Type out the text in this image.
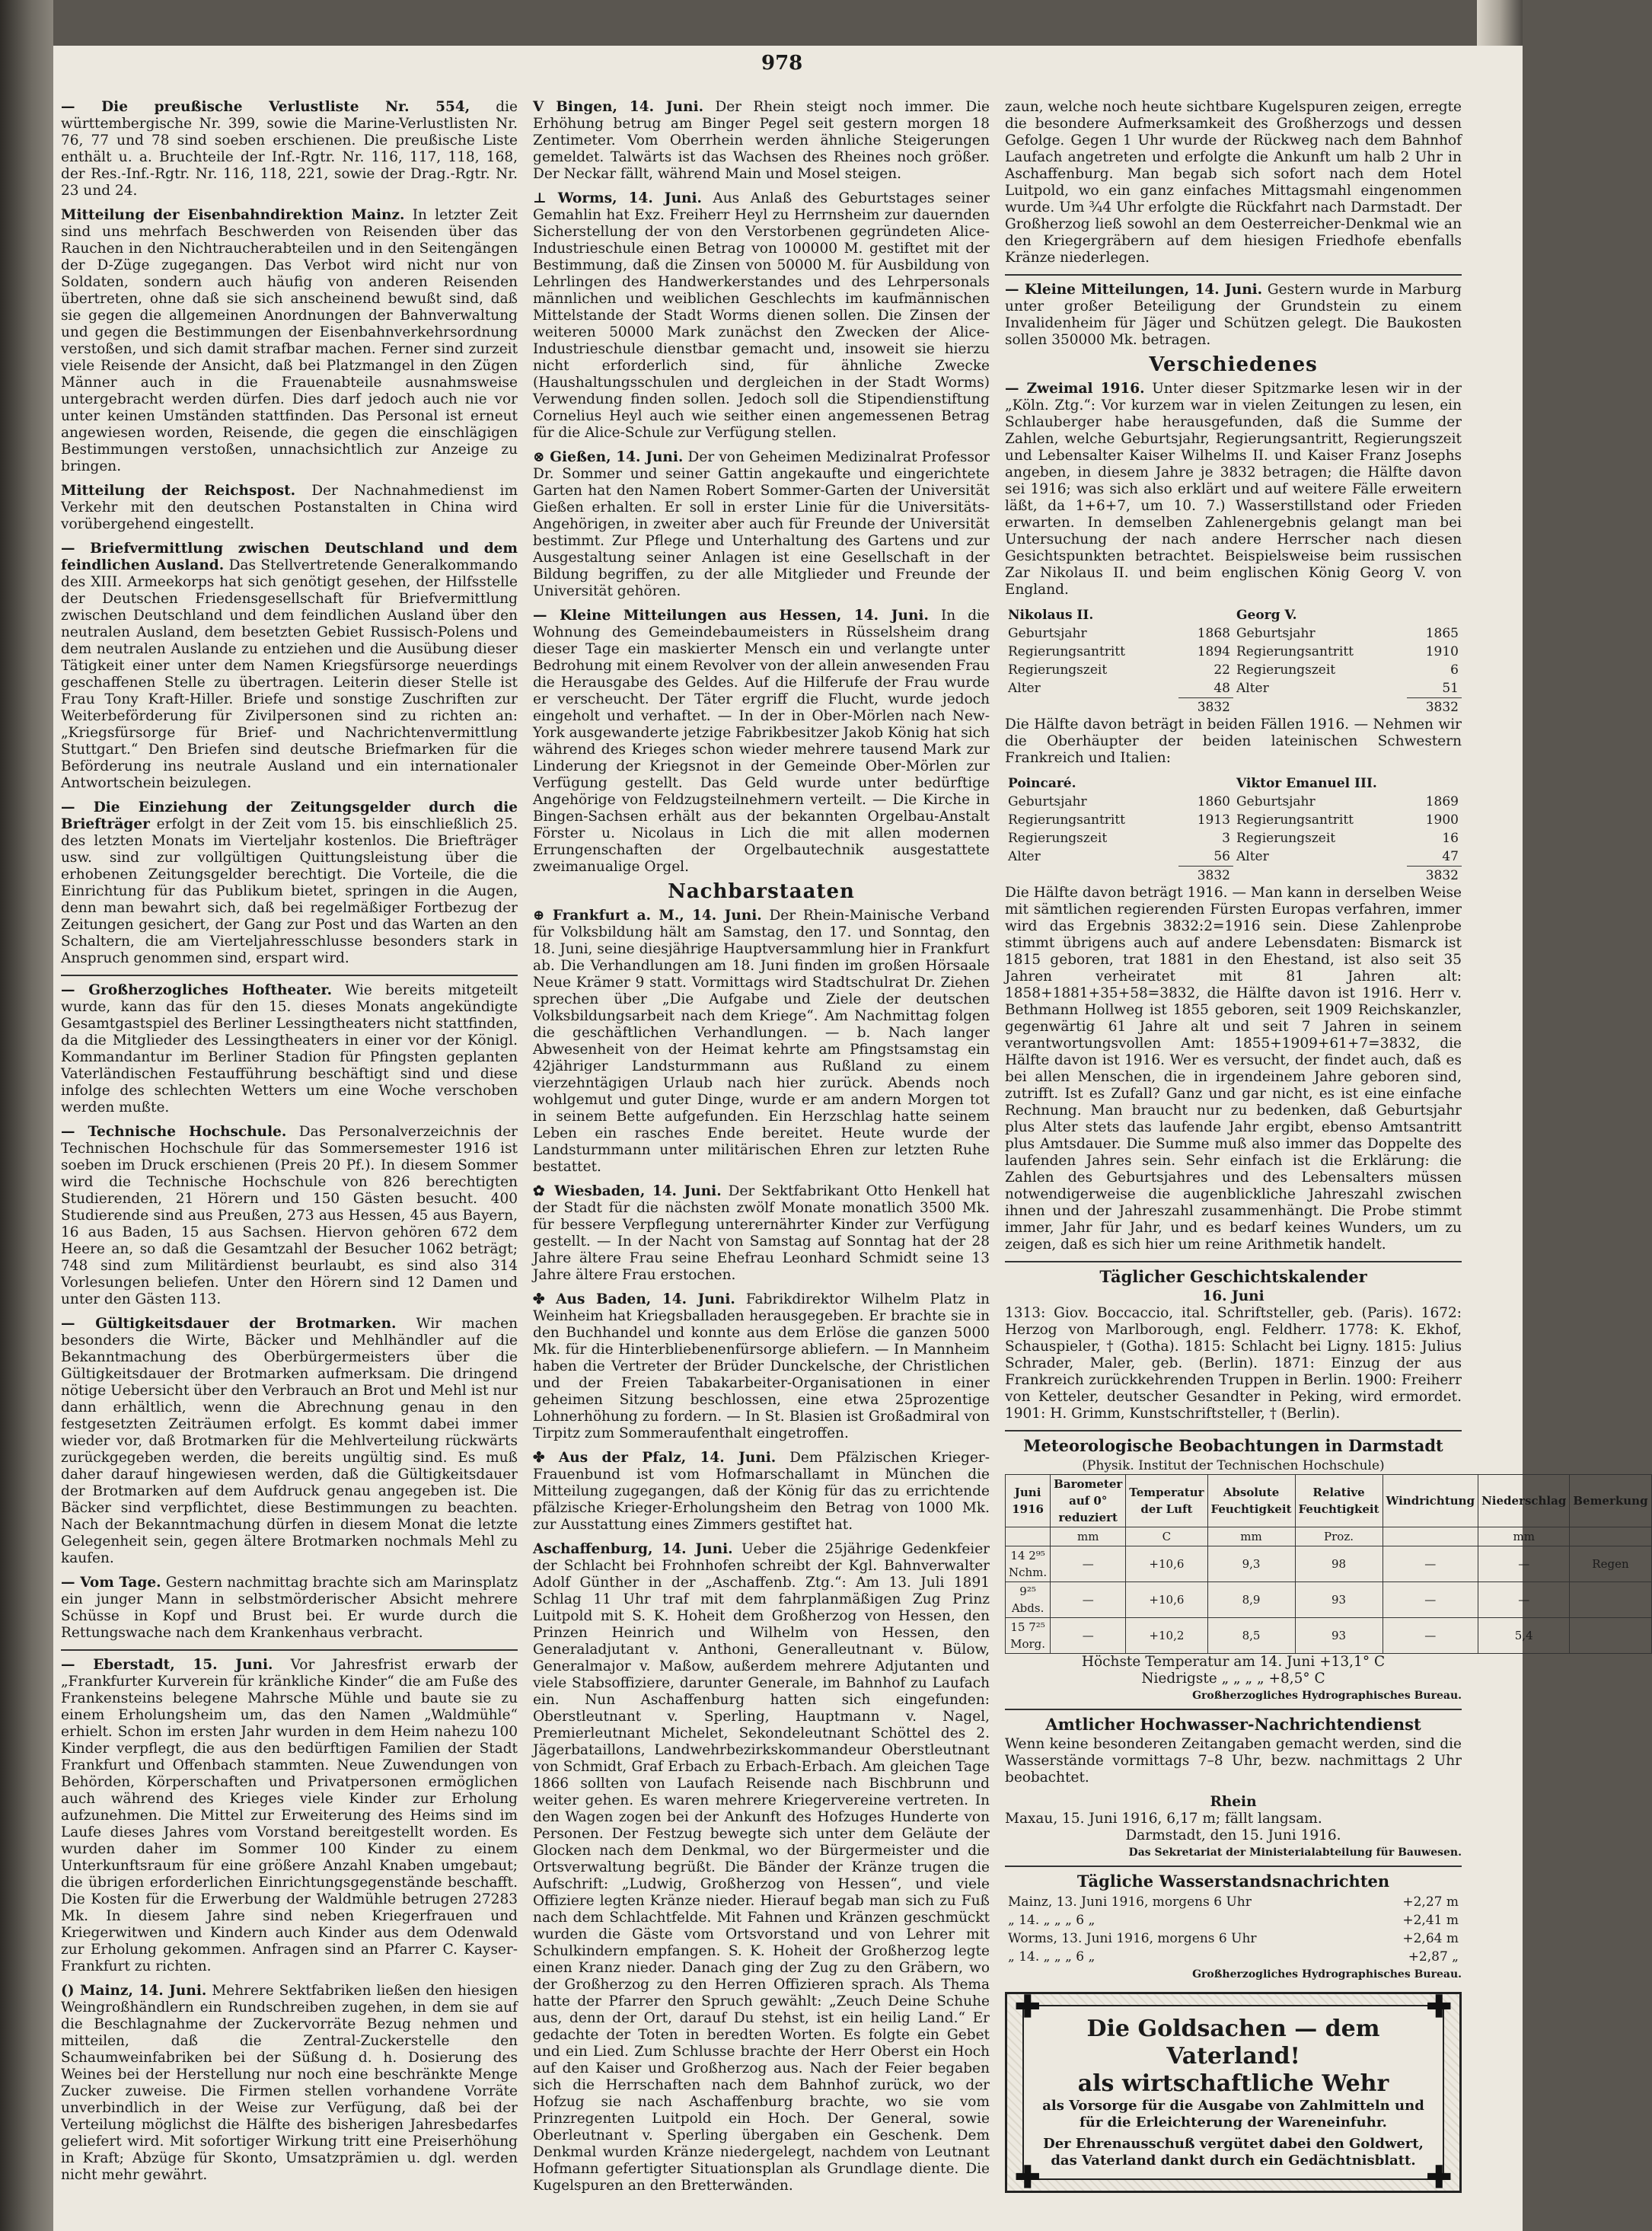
978

— Die preußische Verlustliste Nr. 554, die württembergische Nr. 399, sowie die Marine-Verlustlisten Nr. 76, 77 und 78 sind soeben erschienen. Die preußische Liste enthält u. a. Bruchteile der Inf.-Rgtr. Nr. 116, 117, 118, 168, der Res.-Inf.-Rgtr. Nr. 116, 118, 221, sowie der Drag.-Rgtr. Nr. 23 und 24.

Mitteilung der Eisenbahndirektion Mainz. In letzter Zeit sind uns mehrfach Beschwerden von Reisenden über das Rauchen in den Nichtraucherabteilen und in den Seitengängen der D-Züge zugegangen. Das Verbot wird nicht nur von Soldaten, sondern auch häufig von anderen Reisenden übertreten, ohne daß sie sich anscheinend bewußt sind, daß sie gegen die allgemeinen Anordnungen der Bahnverwaltung und gegen die Bestimmungen der Eisenbahnverkehrsordnung verstoßen, und sich damit strafbar machen. Ferner sind zurzeit viele Reisende der Ansicht, daß bei Platzmangel in den Zügen Männer auch in die Frauenabteile ausnahmsweise untergebracht werden dürfen. Dies darf jedoch auch nie vor unter keinen Umständen stattfinden. Das Personal ist erneut angewiesen worden, Reisende, die gegen die einschlägigen Bestimmungen verstoßen, unnachsichtlich zur Anzeige zu bringen.

Mitteilung der Reichspost. Der Nachnahmedienst im Verkehr mit den deutschen Postanstalten in China wird vorübergehend eingestellt.

— Briefvermittlung zwischen Deutschland und dem feindlichen Ausland. Das Stellvertretende Generalkommando des XIII. Armeekorps hat sich genötigt gesehen, der Hilfsstelle der Deutschen Friedensgesellschaft für Briefvermittlung zwischen Deutschland und dem feindlichen Ausland über den neutralen Ausland, dem besetzten Gebiet Russisch-Polens und dem neutralen Auslande zu entziehen und die Ausübung dieser Tätigkeit einer unter dem Namen Kriegsfürsorge neuerdings geschaffenen Stelle zu übertragen. Leiterin dieser Stelle ist Frau Tony Kraft-Hiller. Briefe und sonstige Zuschriften zur Weiterbeförderung für Zivilpersonen sind zu richten an: „Kriegsfürsorge für Brief- und Nachrichtenvermittlung Stuttgart.“ Den Briefen sind deutsche Briefmarken für die Beförderung ins neutrale Ausland und ein internationaler Antwortschein beizulegen.

— Die Einziehung der Zeitungsgelder durch die Briefträger erfolgt in der Zeit vom 15. bis einschließlich 25. des letzten Monats im Vierteljahr kostenlos. Die Briefträger usw. sind zur vollgültigen Quittungsleistung über die erhobenen Zeitungsgelder berechtigt. Die Vorteile, die die Einrichtung für das Publikum bietet, springen in die Augen, denn man bewahrt sich, daß bei regelmäßiger Fortbezug der Zeitungen gesichert, der Gang zur Post und das Warten an den Schaltern, die am Vierteljahresschlusse besonders stark in Anspruch genommen sind, erspart wird.

— Großherzogliches Hoftheater. Wie bereits mitgeteilt wurde, kann das für den 15. dieses Monats angekündigte Gesamtgastspiel des Berliner Lessingtheaters nicht stattfinden, da die Mitglieder des Lessingtheaters in einer vor der Königl. Kommandantur im Berliner Stadion für Pfingsten geplanten Vaterländischen Festaufführung beschäftigt sind und diese infolge des schlechten Wetters um eine Woche verschoben werden mußte.

— Technische Hochschule. Das Personalverzeichnis der Technischen Hochschule für das Sommersemester 1916 ist soeben im Druck erschienen (Preis 20 Pf.). In diesem Sommer wird die Technische Hochschule von 826 berechtigten Studierenden, 21 Hörern und 150 Gästen besucht. 400 Studierende sind aus Preußen, 273 aus Hessen, 45 aus Bayern, 16 aus Baden, 15 aus Sachsen. Hiervon gehören 672 dem Heere an, so daß die Gesamtzahl der Besucher 1062 beträgt; 748 sind zum Militärdienst beurlaubt, es sind also 314 Vorlesungen beliefen. Unter den Hörern sind 12 Damen und unter den Gästen 113.

— Gültigkeitsdauer der Brotmarken. Wir machen besonders die Wirte, Bäcker und Mehlhändler auf die Bekanntmachung des Oberbürgermeisters über die Gültigkeitsdauer der Brotmarken aufmerksam. Die dringend nötige Uebersicht über den Verbrauch an Brot und Mehl ist nur dann erhältlich, wenn die Abrechnung genau in den festgesetzten Zeiträumen erfolgt. Es kommt dabei immer wieder vor, daß Brotmarken für die Mehlverteilung rückwärts zurückgegeben werden, die bereits ungültig sind. Es muß daher darauf hingewiesen werden, daß die Gültigkeitsdauer der Brotmarken auf dem Aufdruck genau angegeben ist. Die Bäcker sind verpflichtet, diese Bestimmungen zu beachten. Nach der Bekanntmachung dürfen in diesem Monat die letzte Gelegenheit sein, gegen ältere Brotmarken nochmals Mehl zu kaufen.

— Vom Tage. Gestern nachmittag brachte sich am Marinsplatz ein junger Mann in selbstmörderischer Absicht mehrere Schüsse in Kopf und Brust bei. Er wurde durch die Rettungswache nach dem Krankenhaus verbracht.

— Eberstadt, 15. Juni. Vor Jahresfrist erwarb der „Frankfurter Kurverein für kränkliche Kinder“ die am Fuße des Frankensteins belegene Mahrsche Mühle und baute sie zu einem Erholungsheim um, das den Namen „Waldmühle“ erhielt. Schon im ersten Jahr wurden in dem Heim nahezu 100 Kinder verpflegt, die aus den bedürftigen Familien der Stadt Frankfurt und Offenbach stammten. Neue Zuwendungen von Behörden, Körperschaften und Privatpersonen ermöglichen auch während des Krieges viele Kinder zur Erholung aufzunehmen. Die Mittel zur Erweiterung des Heims sind im Laufe dieses Jahres vom Vorstand bereitgestellt worden. Es wurden daher im Sommer 100 Kinder zu einem Unterkunftsraum für eine größere Anzahl Knaben umgebaut; die übrigen erforderlichen Einrichtungsgegenstände beschafft. Die Kosten für die Erwerbung der Waldmühle betrugen 27283 Mk. In diesem Jahre sind neben Kriegerfrauen und Kriegerwitwen und Kindern auch Kinder aus dem Odenwald zur Erholung gekommen. Anfragen sind an Pfarrer C. Kayser-Frankfurt zu richten.

() Mainz, 14. Juni. Mehrere Sektfabriken ließen den hiesigen Weingroßhändlern ein Rundschreiben zugehen, in dem sie auf die Beschlagnahme der Zuckervorräte Bezug nehmen und mitteilen, daß die Zentral-Zuckerstelle den Schaumweinfabriken bei der Süßung d. h. Dosierung des Weines bei der Herstellung nur noch eine beschränkte Menge Zucker zuweise. Die Firmen stellen vorhandene Vorräte unverbindlich in der Weise zur Verfügung, daß bei der Verteilung möglichst die Hälfte des bisherigen Jahresbedarfes geliefert wird. Mit sofortiger Wirkung tritt eine Preiserhöhung in Kraft; Abzüge für Skonto, Umsatzprämien u. dgl. werden nicht mehr gewährt.

V Bingen, 14. Juni. Der Rhein steigt noch immer. Die Erhöhung betrug am Binger Pegel seit gestern morgen 18 Zentimeter. Vom Oberrhein werden ähnliche Steigerungen gemeldet. Talwärts ist das Wachsen des Rheines noch größer. Der Neckar fällt, während Main und Mosel steigen.

⊥ Worms, 14. Juni. Aus Anlaß des Geburtstages seiner Gemahlin hat Exz. Freiherr Heyl zu Herrnsheim zur dauernden Sicherstellung der von den Verstorbenen gegründeten Alice-Industrieschule einen Betrag von 100000 M. gestiftet mit der Bestimmung, daß die Zinsen von 50000 M. für Ausbildung von Lehrlingen des Handwerkerstandes und des Lehrpersonals männlichen und weiblichen Geschlechts im kaufmännischen Mittelstande der Stadt Worms dienen sollen. Die Zinsen der weiteren 50000 Mark zunächst den Zwecken der Alice-Industrieschule dienstbar gemacht und, insoweit sie hierzu nicht erforderlich sind, für ähnliche Zwecke (Haushaltungsschulen und dergleichen in der Stadt Worms) Verwendung finden sollen. Jedoch soll die Stipendienstiftung Cornelius Heyl auch wie seither einen angemessenen Betrag für die Alice-Schule zur Verfügung stellen.

⊗ Gießen, 14. Juni. Der von Geheimen Medizinalrat Professor Dr. Sommer und seiner Gattin angekaufte und eingerichtete Garten hat den Namen Robert Sommer-Garten der Universität Gießen erhalten. Er soll in erster Linie für die Universitäts-Angehörigen, in zweiter aber auch für Freunde der Universität bestimmt. Zur Pflege und Unterhaltung des Gartens und zur Ausgestaltung seiner Anlagen ist eine Gesellschaft in der Bildung begriffen, zu der alle Mitglieder und Freunde der Universität gehören.

— Kleine Mitteilungen aus Hessen, 14. Juni. In die Wohnung des Gemeindebaumeisters in Rüsselsheim drang dieser Tage ein maskierter Mensch ein und verlangte unter Bedrohung mit einem Revolver von der allein anwesenden Frau die Herausgabe des Geldes. Auf die Hilferufe der Frau wurde er verscheucht. Der Täter ergriff die Flucht, wurde jedoch eingeholt und verhaftet. — In der in Ober-Mörlen nach New-York ausgewanderte jetzige Fabrikbesitzer Jakob König hat sich während des Krieges schon wieder mehrere tausend Mark zur Linderung der Kriegsnot in der Gemeinde Ober-Mörlen zur Verfügung gestellt. Das Geld wurde unter bedürftige Angehörige von Feldzugsteilnehmern verteilt. — Die Kirche in Bingen-Sachsen erhält aus der bekannten Orgelbau-Anstalt Förster u. Nicolaus in Lich die mit allen modernen Errungenschaften der Orgelbautechnik ausgestattete zweimanualige Orgel.

Nachbarstaaten

⊕ Frankfurt a. M., 14. Juni. Der Rhein-Mainische Verband für Volksbildung hält am Samstag, den 17. und Sonntag, den 18. Juni, seine diesjährige Hauptversammlung hier in Frankfurt ab. Die Verhandlungen am 18. Juni finden im großen Hörsaale Neue Krämer 9 statt. Vormittags wird Stadtschulrat Dr. Ziehen sprechen über „Die Aufgabe und Ziele der deutschen Volksbildungsarbeit nach dem Kriege“. Am Nachmittag folgen die geschäftlichen Verhandlungen. — b. Nach langer Abwesenheit von der Heimat kehrte am Pfingstsamstag ein 42jähriger Landsturmmann aus Rußland zu einem vierzehntägigen Urlaub nach hier zurück. Abends noch wohlgemut und guter Dinge, wurde er am andern Morgen tot in seinem Bette aufgefunden. Ein Herzschlag hatte seinem Leben ein rasches Ende bereitet. Heute wurde der Landsturmmann unter militärischen Ehren zur letzten Ruhe bestattet.

✿ Wiesbaden, 14. Juni. Der Sektfabrikant Otto Henkell hat der Stadt für die nächsten zwölf Monate monatlich 3500 Mk. für bessere Verpflegung unterernährter Kinder zur Verfügung gestellt. — In der Nacht von Samstag auf Sonntag hat der 28 Jahre ältere Frau seine Ehefrau Leonhard Schmidt seine 13 Jahre ältere Frau erstochen.

✤ Aus Baden, 14. Juni. Fabrikdirektor Wilhelm Platz in Weinheim hat Kriegsballaden herausgegeben. Er brachte sie in den Buchhandel und konnte aus dem Erlöse die ganzen 5000 Mk. für die Hinterbliebenenfürsorge abliefern. — In Mannheim haben die Vertreter der Brüder Dunckelsche, der Christlichen und der Freien Tabakarbeiter-Organisationen in einer geheimen Sitzung beschlossen, eine etwa 25prozentige Lohnerhöhung zu fordern. — In St. Blasien ist Großadmiral von Tirpitz zum Sommeraufenthalt eingetroffen.

✤ Aus der Pfalz, 14. Juni. Dem Pfälzischen Krieger-Frauenbund ist vom Hofmarschallamt in München die Mitteilung zugegangen, daß der König für das zu errichtende pfälzische Krieger-Erholungsheim den Betrag von 1000 Mk. zur Ausstattung eines Zimmers gestiftet hat.

Aschaffenburg, 14. Juni. Ueber die 25jährige Gedenkfeier der Schlacht bei Frohnhofen schreibt der Kgl. Bahnverwalter Adolf Günther in der „Aschaffenb. Ztg.“: Am 13. Juli 1891 Schlag 11 Uhr traf mit dem fahrplanmäßigen Zug Prinz Luitpold mit S. K. Hoheit dem Großherzog von Hessen, den Prinzen Heinrich und Wilhelm von Hessen, den Generaladjutant v. Anthoni, Generalleutnant v. Bülow, Generalmajor v. Maßow, außerdem mehrere Adjutanten und viele Stabsoffiziere, darunter Generale, im Bahnhof zu Laufach ein. Nun Aschaffenburg hatten sich eingefunden: Oberstleutnant v. Sperling, Hauptmann v. Nagel, Premierleutnant Michelet, Sekondeleutnant Schöttel des 2. Jägerbataillons, Landwehrbezirkskommandeur Oberstleutnant von Schmidt, Graf Erbach zu Erbach-Erbach. Am gleichen Tage 1866 sollten von Laufach Reisende nach Bischbrunn und weiter gehen. Es waren mehrere Kriegervereine vertreten. In den Wagen zogen bei der Ankunft des Hofzuges Hunderte von Personen. Der Festzug bewegte sich unter dem Geläute der Glocken nach dem Denkmal, wo der Bürgermeister und die Ortsverwaltung begrüßt. Die Bänder der Kränze trugen die Aufschrift: „Ludwig, Großherzog von Hessen“, und viele Offiziere legten Kränze nieder. Hierauf begab man sich zu Fuß nach dem Schlachtfelde. Mit Fahnen und Kränzen geschmückt wurden die Gäste vom Ortsvorstand und von Lehrer mit Schulkindern empfangen. S. K. Hoheit der Großherzog legte einen Kranz nieder. Danach ging der Zug zu den Gräbern, wo der Großherzog zu den Herren Offizieren sprach. Als Thema hatte der Pfarrer den Spruch gewählt: „Zeuch Deine Schuhe aus, denn der Ort, darauf Du stehst, ist ein heilig Land.“ Er gedachte der Toten in beredten Worten. Es folgte ein Gebet und ein Lied. Zum Schlusse brachte der Herr Oberst ein Hoch auf den Kaiser und Großherzog aus. Nach der Feier begaben sich die Herrschaften nach dem Bahnhof zurück, wo der Hofzug sie nach Aschaffenburg brachte, wo sie vom Prinzregenten Luitpold ein Hoch. Der General, sowie Oberleutnant v. Sperling übergaben ein Geschenk. Dem Denkmal wurden Kränze niedergelegt, nachdem von Leutnant Hofmann gefertigter Situationsplan als Grundlage diente. Die Kugelspuren an den Bretterwänden.

zaun, welche noch heute sichtbare Kugelspuren zeigen, erregte die besondere Aufmerksamkeit des Großherzogs und dessen Gefolge. Gegen 1 Uhr wurde der Rückweg nach dem Bahnhof Laufach angetreten und erfolgte die Ankunft um halb 2 Uhr in Aschaffenburg. Man begab sich sofort nach dem Hotel Luitpold, wo ein ganz einfaches Mittagsmahl eingenommen wurde. Um ¾4 Uhr erfolgte die Rückfahrt nach Darmstadt. Der Großherzog ließ sowohl an dem Oesterreicher-Denkmal wie an den Kriegergräbern auf dem hiesigen Friedhofe ebenfalls Kränze niederlegen.

— Kleine Mitteilungen, 14. Juni. Gestern wurde in Marburg unter großer Beteiligung der Grundstein zu einem Invalidenheim für Jäger und Schützen gelegt. Die Baukosten sollen 350000 Mk. betragen.

Verschiedenes

— Zweimal 1916. Unter dieser Spitzmarke lesen wir in der „Köln. Ztg.“: Vor kurzem war in vielen Zeitungen zu lesen, ein Schlauberger habe herausgefunden, daß die Summe der Zahlen, welche Geburtsjahr, Regierungsantritt, Regierungszeit und Lebensalter Kaiser Wilhelms II. und Kaiser Franz Josephs angeben, in diesem Jahre je 3832 betragen; die Hälfte davon sei 1916; was sich also erklärt und auf weitere Fälle erweitern läßt, da 1+6+7, um 10. 7.) Wasserstillstand oder Frieden erwarten. In demselben Zahlenergebnis gelangt man bei Untersuchung der nach andere Herrscher nach diesen Gesichtspunkten betrachtet. Beispielsweise beim russischen Zar Nikolaus II. und beim englischen König Georg V. von England.

Nikolaus II.		Georg V.	
Geburtsjahr	1868	Geburtsjahr	1865
Regierungsantritt	1894	Regierungsantritt	1910
Regierungszeit	22	Regierungszeit	6
Alter	48	Alter	51
	3832		3832

Die Hälfte davon beträgt in beiden Fällen 1916. — Nehmen wir die Oberhäupter der beiden lateinischen Schwestern Frankreich und Italien:

Poincaré.		Viktor Emanuel III.	
Geburtsjahr	1860	Geburtsjahr	1869
Regierungsantritt	1913	Regierungsantritt	1900
Regierungszeit	3	Regierungszeit	16
Alter	56	Alter	47
	3832		3832

Die Hälfte davon beträgt 1916. — Man kann in derselben Weise mit sämtlichen regierenden Fürsten Europas verfahren, immer wird das Ergebnis 3832:2=1916 sein. Diese Zahlenprobe stimmt übrigens auch auf andere Lebensdaten: Bismarck ist 1815 geboren, trat 1881 in den Ehestand, ist also seit 35 Jahren verheiratet mit 81 Jahren alt: 1858+1881+35+58=3832, die Hälfte davon ist 1916. Herr v. Bethmann Hollweg ist 1855 geboren, seit 1909 Reichskanzler, gegenwärtig 61 Jahre alt und seit 7 Jahren in seinem verantwortungsvollen Amt: 1855+1909+61+7=3832, die Hälfte davon ist 1916. Wer es versucht, der findet auch, daß es bei allen Menschen, die in irgendeinem Jahre geboren sind, zutrifft. Ist es Zufall? Ganz und gar nicht, es ist eine einfache Rechnung. Man braucht nur zu bedenken, daß Geburtsjahr plus Alter stets das laufende Jahr ergibt, ebenso Amtsantritt plus Amtsdauer. Die Summe muß also immer das Doppelte des laufenden Jahres sein. Sehr einfach ist die Erklärung: die Zahlen des Geburtsjahres und des Lebensalters müssen notwendigerweise die augenblickliche Jahreszahl zwischen ihnen und der Jahreszahl zusammenhängt. Die Probe stimmt immer, Jahr für Jahr, und es bedarf keines Wunders, um zu zeigen, daß es sich hier um reine Arithmetik handelt.

Täglicher Geschichtskalender
16. Juni

1313: Giov. Boccaccio, ital. Schriftsteller, geb. (Paris). 1672: Herzog von Marlborough, engl. Feldherr. 1778: K. Ekhof, Schauspieler, † (Gotha). 1815: Schlacht bei Ligny. 1815: Julius Schrader, Maler, geb. (Berlin). 1871: Einzug der aus Frankreich zurückkehrenden Truppen in Berlin. 1900: Freiherr von Ketteler, deutscher Gesandter in Peking, wird ermordet. 1901: H. Grimm, Kunstschriftsteller, † (Berlin).

Meteorologische Beobachtungen in Darmstadt
(Physik. Institut der Technischen Hochschule)
Juni 1916	Barometer auf 0° reduziert	Temperatur der Luft	Absolute Feuchtigkeit	Relative Feuchtigkeit	Windrichtung	Niederschlag	Bemerkung
	mm	C	mm	Proz.		mm	
14 2⁹⁵ Nchm.	—	+10,6	9,3	98	—	—	Regen
9²⁵ Abds.	—	+10,6	8,9	93	—	—	
15 7²⁵ Morg.	—	+10,2	8,5	93	—	5,4	
Höchste Temperatur am 14. Juni +13,1° C
Niedrigste „ „ „ „ +8,5° C
Großherzogliches Hydrographisches Bureau.
Amtlicher Hochwasser-Nachrichtendienst

Wenn keine besonderen Zeitangaben gemacht werden, sind die Wasserstände vormittags 7–8 Uhr, bezw. nachmittags 2 Uhr beobachtet.

Rhein
Maxau, 15. Juni 1916, 6,17 m; fällt langsam.
Darmstadt, den 15. Juni 1916.
Das Sekretariat der Ministerialabteilung für Bauwesen.
Tägliche Wasserstandsnachrichten
Mainz, 13. Juni 1916, morgens 6 Uhr	+2,27 m
„ 14. „ „ „ 6 „	+2,41 m
Worms, 13. Juni 1916, morgens 6 Uhr	+2,64 m
„ 14. „ „ „ 6 „	+2,87 „
Großherzogliches Hydrographisches Bureau.
✚	✚
✚	✚
Die Goldsachen — dem
Vaterland!
als wirtschaftliche Wehr
als Vorsorge für die Ausgabe von Zahlmitteln und für die Erleichterung der Wareneinfuhr.
Der Ehrenausschuß vergütet dabei den Goldwert, das Vaterland dankt durch ein Gedächtnisblatt.
